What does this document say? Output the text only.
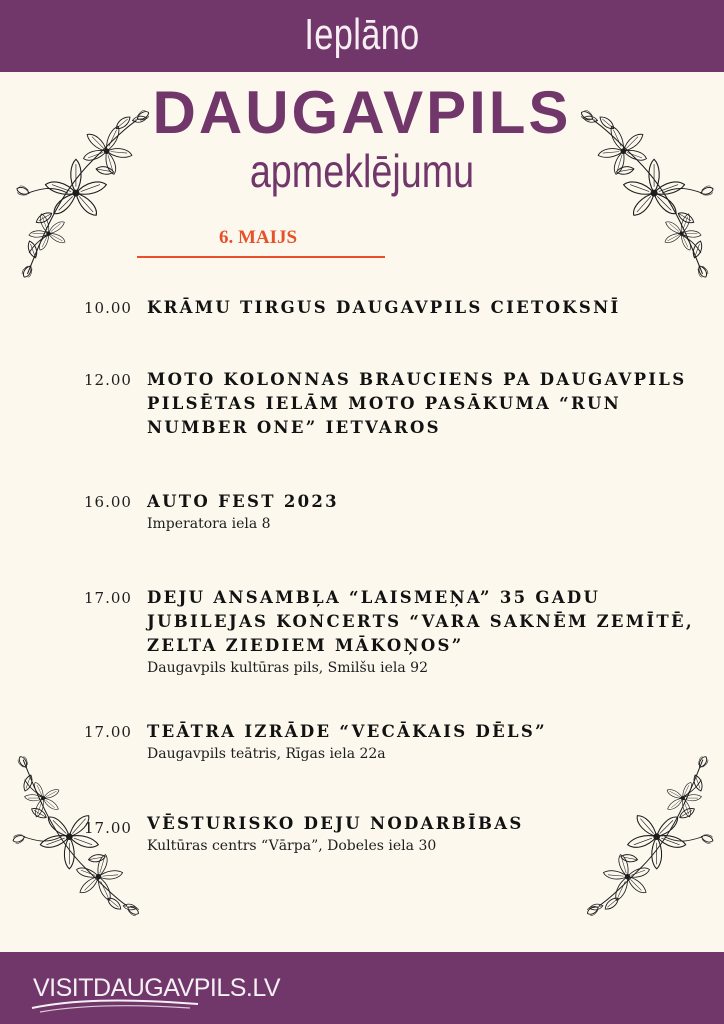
Ieplāno
DAUGAVPILS
apmeklējumu
6. MAIJS
10.00 KRĀMU TIRGUS DAUGAVPILS CIETOKSNĪ
12.00 MOTO KOLONNAS BRAUCIENS PA DAUGAVPILS PILSĒTAS IELĀM MOTO PASĀKUMA “RUN NUMBER ONE” IETVAROS
16.00 AUTO FEST 2023
Imperatora iela 8
17.00 DEJU ANSAMBĻA “LAISMEŅA” 35 GADU JUBILEJAS KONCERTS “VARA SAKNĒM ZEMĪTĒ, ZELTA ZIEDIEM MĀKOŅOS”
Daugavpils kultūras pils, Smilšu iela 92
17.00 TEĀTRA IZRĀDE “VECĀKAIS DĒLS”
Daugavpils teātris, Rīgas iela 22a
17.00 VĒSTURISKO DEJU NODARBĪBAS
Kultūras centrs “Vārpa”, Dobeles iela 30
VISITDAUGAVPILS.LV
